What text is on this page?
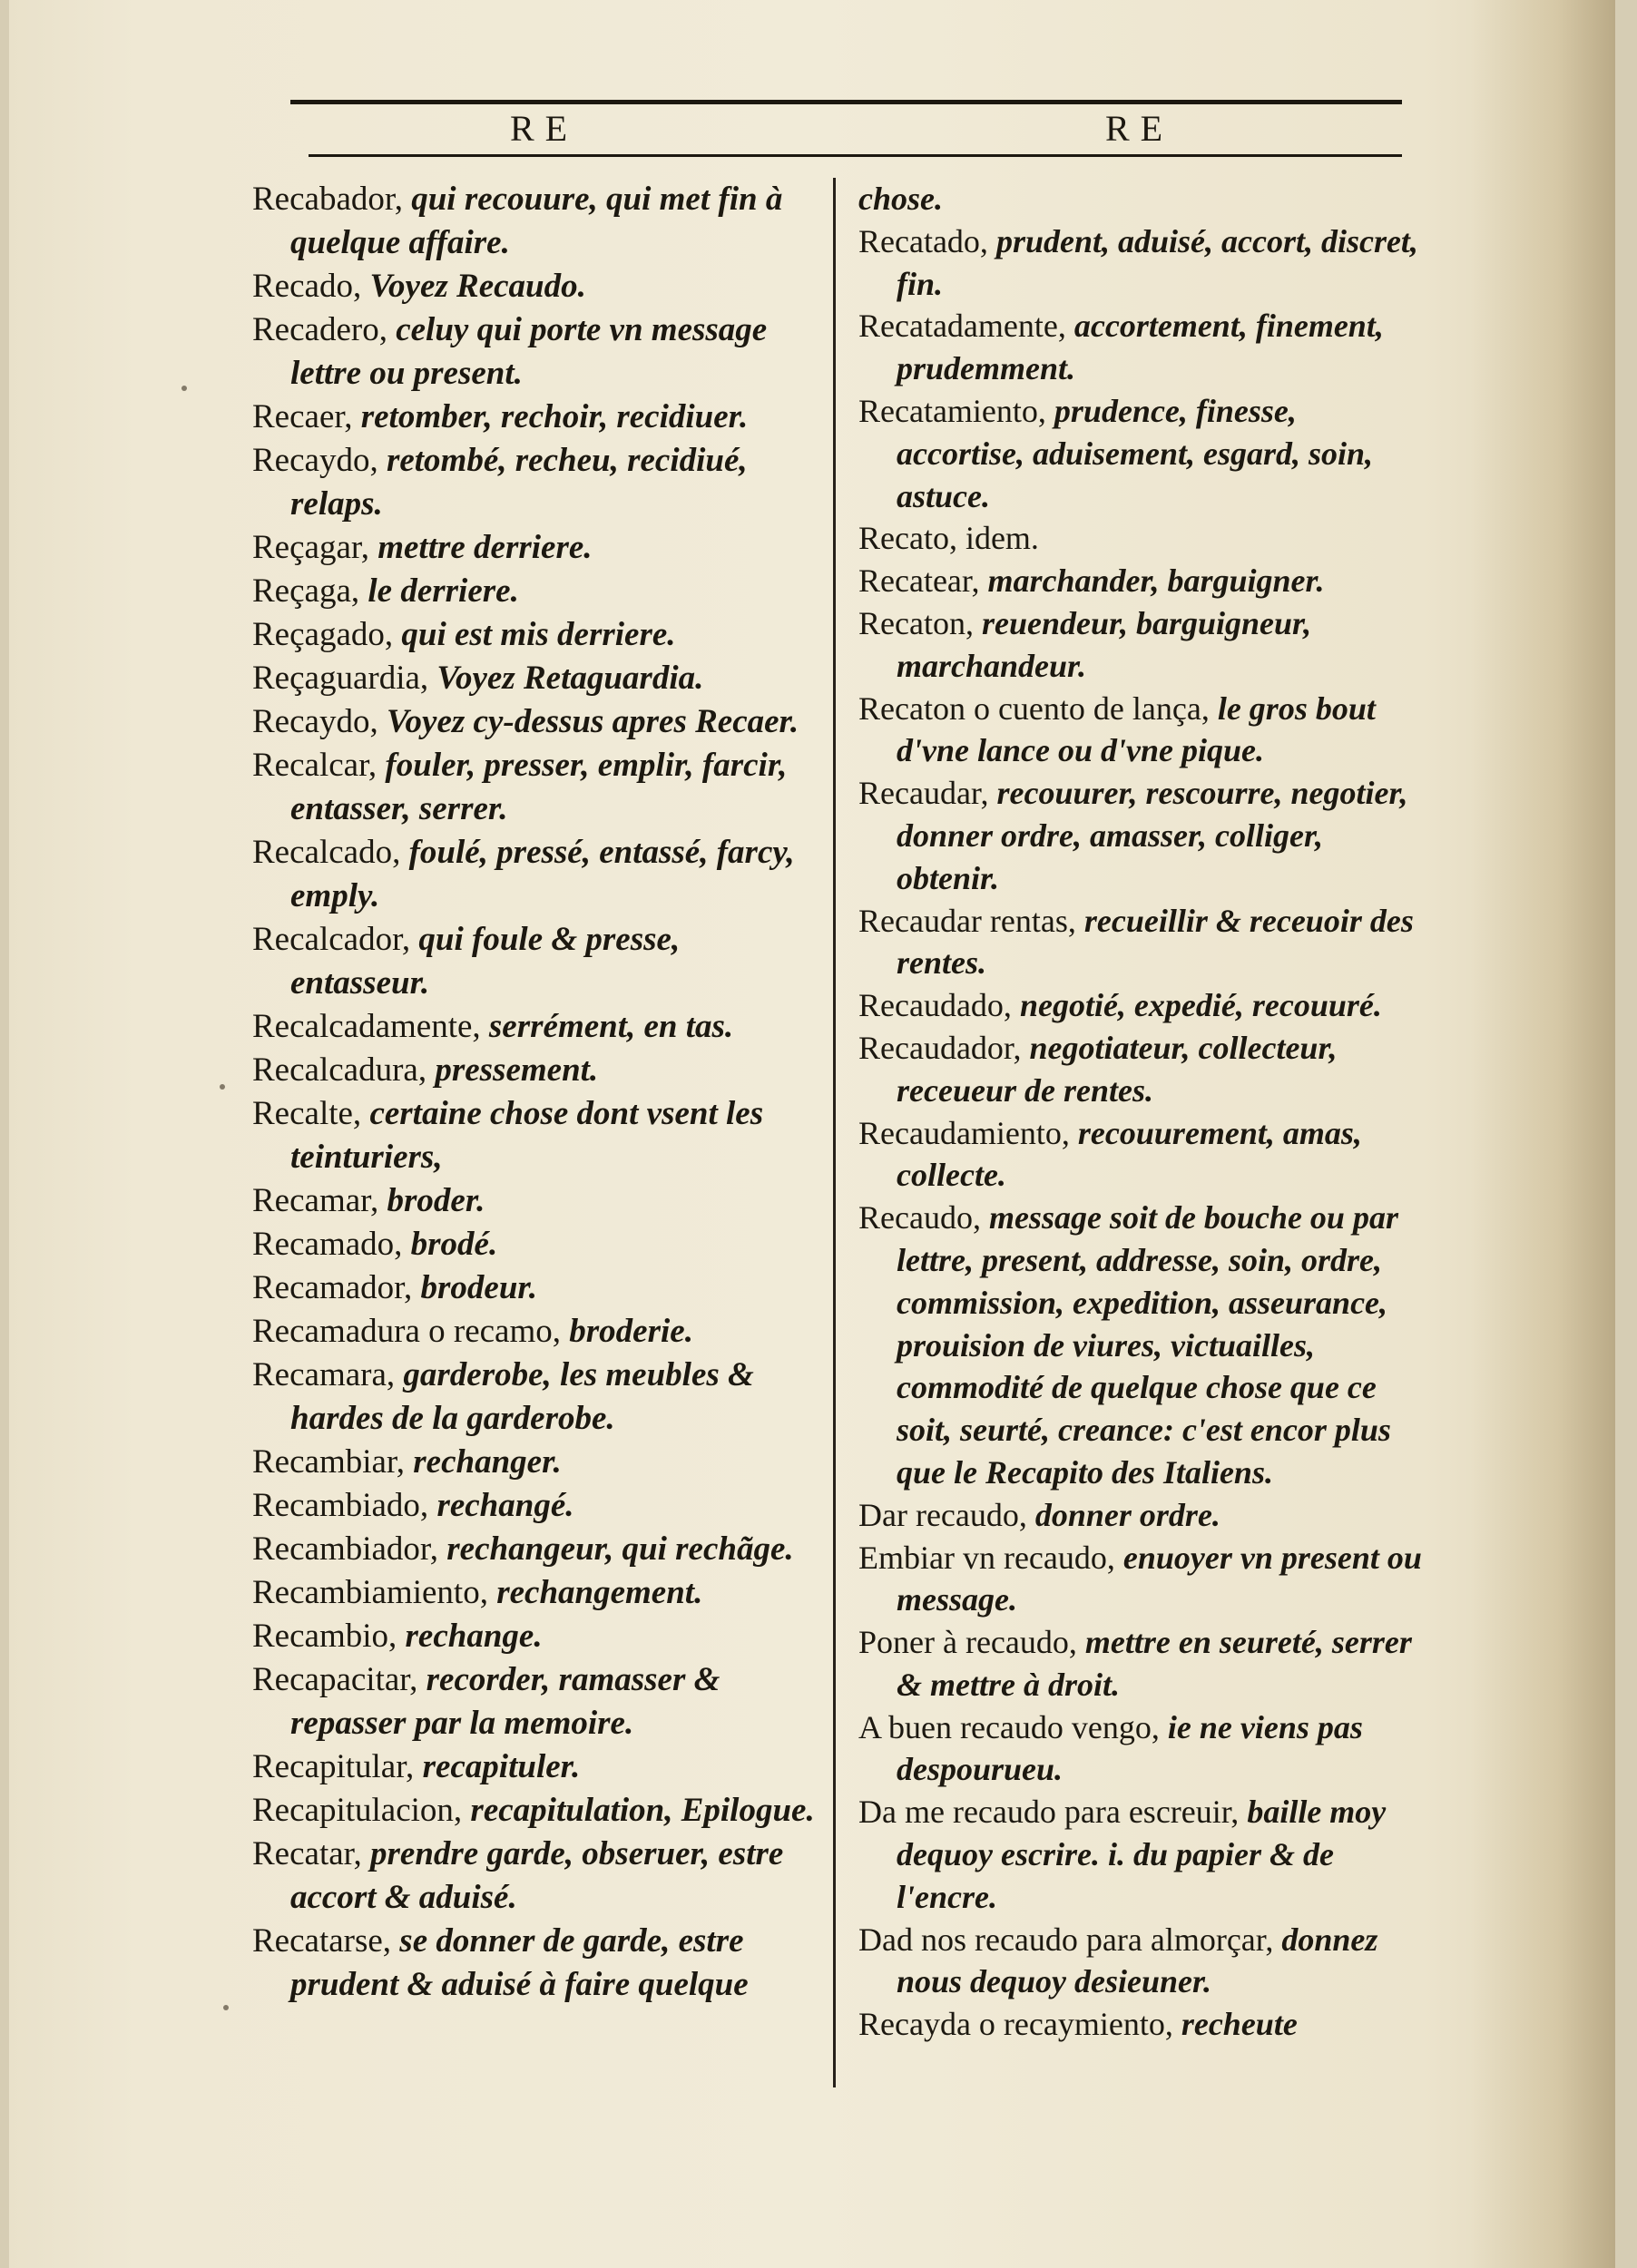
RE	RE

Recabador, qui recouure, qui met fin à quelque affaire.

Recado, Voyez Recaudo.

Recadero, celuy qui porte vn message lettre ou present.

Recaer, retomber, rechoir, recidiuer.

Recaydo, retombé, recheu, recidiué, relaps.

Reçagar, mettre derriere.

Reçaga, le derriere.

Reçagado, qui est mis derriere.

Reçaguardia, Voyez Retaguardia.

Recaydo, Voyez cy-dessus apres Recaer.

Recalcar, fouler, presser, emplir, farcir, entasser, serrer.

Recalcado, foulé, pressé, entassé, farcy, emply.

Recalcador, qui foule & presse, entasseur.

Recalcadamente, serrément, en tas.

Recalcadura, pressement.

Recalte, certaine chose dont vsent les teinturiers,

Recamar, broder.

Recamado, brodé.

Recamador, brodeur.

Recamadura o recamo, broderie.

Recamara, garderobe, les meubles & hardes de la garderobe.

Recambiar, rechanger.

Recambiado, rechangé.

Recambiador, rechangeur, qui rechãge.

Recambiamiento, rechangement.

Recambio, rechange.

Recapacitar, recorder, ramasser & repasser par la memoire.

Recapitular, recapituler.

Recapitulacion, recapitulation, Epilogue.

Recatar, prendre garde, obseruer, estre accort & aduisé.

Recatarse, se donner de garde, estre prudent & aduisé à faire quelque

chose.

Recatado, prudent, aduisé, accort, discret, fin.

Recatadamente, accortement, finement, prudemment.

Recatamiento, prudence, finesse, accortise, aduisement, esgard, soin, astuce.

Recato, idem.

Recatear, marchander, barguigner.

Recaton, reuendeur, barguigneur, marchandeur.

Recaton o cuento de lança, le gros bout d'vne lance ou d'vne pique.

Recaudar, recouurer, rescourre, negotier, donner ordre, amasser, colliger, obtenir.

Recaudar rentas, recueillir & receuoir des rentes.

Recaudado, negotié, expedié, recouuré.

Recaudador, negotiateur, collecteur, receueur de rentes.

Recaudamiento, recouurement, amas, collecte.

Recaudo, message soit de bouche ou par lettre, present, addresse, soin, ordre, commission, expedition, asseurance, prouision de viures, victuailles, commodité de quelque chose que ce soit, seurté, creance: c'est encor plus que le Recapito des Italiens.

Dar recaudo, donner ordre.

Embiar vn recaudo, enuoyer vn present ou message.

Poner à recaudo, mettre en seureté, serrer & mettre à droit.

A buen recaudo vengo, ie ne viens pas despourueu.

Da me recaudo para escreuir, baille moy dequoy escrire. i. du papier & de l'encre.

Dad nos recaudo para almorçar, donnez nous dequoy desieuner.

Recayda o recaymiento, recheute
